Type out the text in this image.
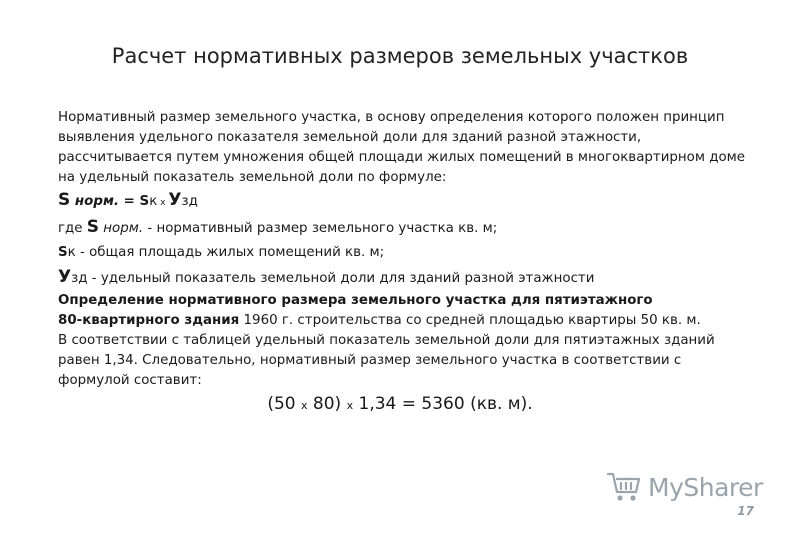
Расчет нормативных размеров земельных участков
Нормативный размер земельного участка, в основу определения которого положен принцип
выявления удельного показателя земельной доли для зданий разной этажности,
рассчитывается путем умножения общей площади жилых помещений в многоквартирном доме
на удельный показатель земельной доли по формуле:
S норм. = Sк х Узд
где S норм. - нормативный размер земельного участка кв. м;
Sк - общая площадь жилых помещений кв. м;
Узд - удельный показатель земельной доли для зданий разной этажности
Определение нормативного размера земельного участка для пятиэтажного
80-квартирного здания 1960 г. строительства со средней площадью квартиры 50 кв. м.
В соответствии с таблицей удельный показатель земельной доли для пятиэтажных зданий
равен 1,34. Следовательно, нормативный размер земельного участка в соответствии с
формулой составит:
(50 х 80) х 1,34 = 5360 (кв. м).
MySharer
17
